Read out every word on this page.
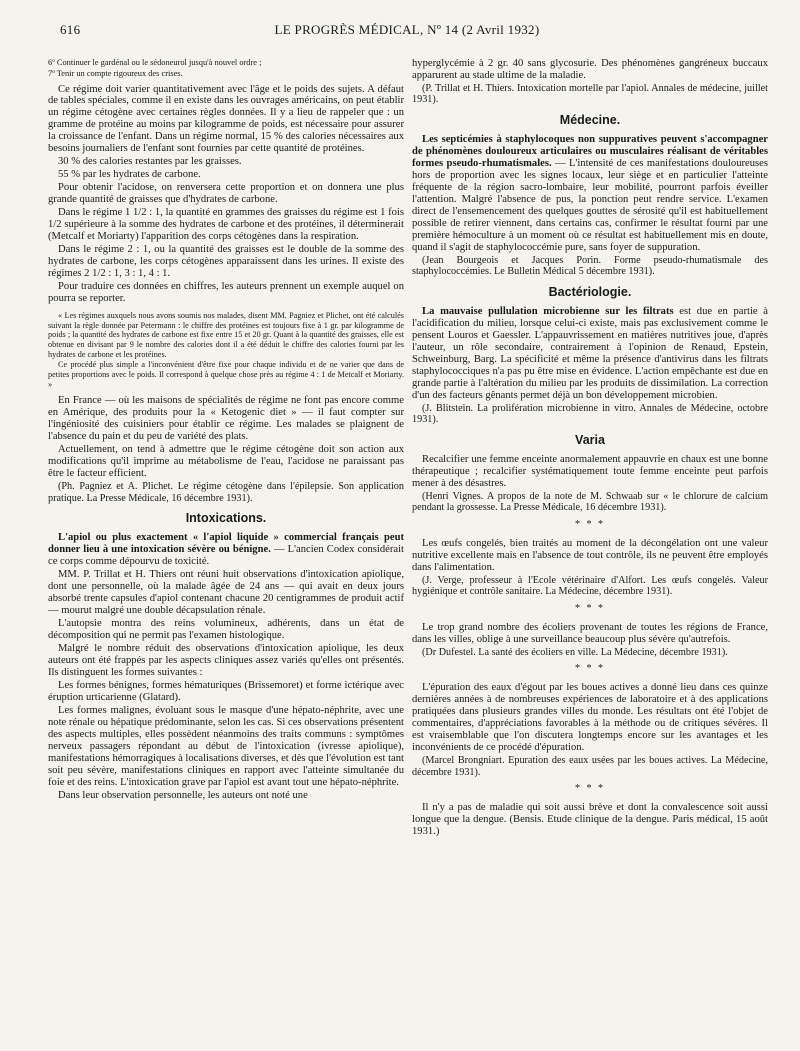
616	LE PROGRÈS MÉDICAL, Nº 14 (2 Avril 1932)

6º Continuer le gardénal ou le sédoneurol jusqu'à nouvel ordre ;

7º Tenir un compte rigoureux des crises.

Ce régime doit varier quantitativement avec l'âge et le poids des sujets. A défaut de tables spéciales, comme il en existe dans les ouvrages américains, on peut établir un régime cétogène avec certaines règles données. Il y a lieu de rappeler que : un gramme de protéine au moins par kilogramme de poids, est nécessaire pour assurer la croissance de l'enfant. Dans un régime normal, 15 % des calories nécessaires aux besoins journaliers de l'enfant sont fournies par cette quantité de protéines.

30 % des calories restantes par les graisses.

55 % par les hydrates de carbone.

Pour obtenir l'acidose, on renversera cette proportion et on donnera une plus grande quantité de graisses que d'hydrates de carbone.

Dans le régime 1 1/2 : 1, la quantité en grammes des graisses du régime est 1 fois 1/2 supérieure à la somme des hydrates de carbone et des protéines, il déterminerait (Metcalf et Moriarty) l'apparition des corps cétogènes dans la respiration.

Dans le régime 2 : 1, ou la quantité des graisses est le double de la somme des hydrates de carbone, les corps cétogènes apparaissent dans les urines. Il existe des régimes 2 1/2 : 1, 3 : 1, 4 : 1.

Pour traduire ces données en chiffres, les auteurs prennent un exemple auquel on pourra se reporter.

« Les régimes auxquels nous avons soumis nos malades, disent MM. Pagniez et Plichet, ont été calculés suivant la règle donnée par Petermann : le chiffre des protéines est toujours fixe à 1 gr. par kilogramme de poids ; la quantité des hydrates de carbone est fixe entre 15 et 20 gr. Quant à la quantité des graisses, elle est obtenue en divisant par 9 le nombre des calories dont il a été déduit le chiffre des calories fourni par les hydrates de carbone et les protéines.

Ce procédé plus simple a l'inconvénient d'être fixe pour chaque individu et de ne varier que dans de petites proportions avec le poids. Il correspond à quelque chose près au régime 4 : 1 de Metcalf et Moriarty. »

En France — où les maisons de spécialités de régime ne font pas encore comme en Amérique, des produits pour la « Ketogenic diet » — il faut compter sur l'ingéniosité des cuisiniers pour établir ce régime. Les malades se plaignent de l'absence du pain et du peu de variété des plats.

Actuellement, on tend à admettre que le régime cétogène doit son action aux modifications qu'il imprime au métabolisme de l'eau, l'acidose ne paraissant pas être le facteur efficient.

(Ph. Pagniez et A. Plichet. Le régime cétogène dans l'épilepsie. Son application pratique. La Presse Médicale, 16 décembre 1931).

Intoxications.

L'apiol ou plus exactement « l'apiol liquide » commercial français peut donner lieu à une intoxication sévère ou bénigne. — L'ancien Codex considérait ce corps comme dépourvu de toxicité.

MM. P. Trillat et H. Thiers ont réuni huit observations d'intoxication apiolique, dont une personnelle, où la malade âgée de 24 ans — qui avait en deux jours absorbé trente capsules d'apiol contenant chacune 20 centigrammes de produit actif — mourut malgré une double décapsulation rénale.

L'autopsie montra des reins volumineux, adhérents, dans un état de décomposition qui ne permit pas l'examen histologique.

Malgré le nombre réduit des observations d'intoxication apiolique, les deux auteurs ont été frappés par les aspects cliniques assez variés qu'elles ont présentés. Ils distinguent les formes suivantes :

Les formes bénignes, formes hématuriques (Brissemoret) et forme ictérique avec éruption urticarienne (Glatard).

Les formes malignes, évoluant sous le masque d'une hépato-néphrite, avec une note rénale ou hépatique prédominante, selon les cas. Si ces observations présentent des aspects multiples, elles possèdent néanmoins des traits communs : symptômes nerveux passagers répondant au début de l'intoxication (ivresse apiolique), manifestations hémorragiques à localisations diverses, et dès que l'évolution est tant soit peu sévère, manifestations cliniques en rapport avec l'atteinte simultanée du foie et des reins. L'intoxication grave par l'apiol est avant tout une hépato-néphrite.

Dans leur observation personnelle, les auteurs ont noté une

hyperglycémie à 2 gr. 40 sans glycosurie. Des phénomènes gangréneux buccaux apparurent au stade ultime de la maladie.

(P. Trillat et H. Thiers. Intoxication mortelle par l'apiol. Annales de médecine, juillet 1931).

Médecine.

Les septicémies à staphylocoques non suppuratives peuvent s'accompagner de phénomènes douloureux articulaires ou musculaires réalisant de véritables formes pseudo-rhumatismales. — L'intensité de ces manifestations douloureuses hors de proportion avec les signes locaux, leur siège et en particulier l'atteinte fréquente de la région sacro-lombaire, leur mobilité, pourront parfois éveiller l'attention. Malgré l'absence de pus, la ponction peut rendre service. L'examen direct de l'ensemencement des quelques gouttes de sérosité qu'il est habituellement possible de retirer viennent, dans certains cas, confirmer le résultat fourni par une première hémoculture à un moment où ce résultat est habituellement mis en doute, quand il s'agit de staphylococcémie pure, sans foyer de suppuration.

(Jean Bourgeois et Jacques Porin. Forme pseudo-rhumatismale des staphylococcémies. Le Bulletin Médical 5 décembre 1931).

Bactériologie.

La mauvaise pullulation microbienne sur les filtrats est due en partie à l'acidification du milieu, lorsque celui-ci existe, mais pas exclusivement comme le pensent Louros et Gaessler. L'appauvrissement en matières nutritives joue, d'après l'auteur, un rôle secondaire, contrairement à l'opinion de Renaud, Epstein, Schweinburg, Barg. La spécificité et même la présence d'antivirus dans les filtrats staphylococciques n'a pas pu être mise en évidence. L'action empêchante est due en grande partie à l'altération du milieu par les produits de dissimilation. La correction d'un des facteurs gênants permet déjà un bon développement microbien.

(J. Blitstein. La prolifération microbienne in vitro. Annales de Médecine, octobre 1931).

Varia

Recalcifier une femme enceinte anormalement appauvrie en chaux est une bonne thérapeutique ; recalcifier systématiquement toute femme enceinte peut parfois mener à des désastres.

(Henri Vignes. A propos de la note de M. Schwaab sur « le chlorure de calcium pendant la grossesse. La Presse Médicale, 16 décembre 1931).

* * *

Les œufs congelés, bien traités au moment de la décongélation ont une valeur nutritive excellente mais en l'absence de tout contrôle, ils ne peuvent être employés dans l'alimentation.

(J. Verge, professeur à l'Ecole vétérinaire d'Alfort. Les œufs congelés. Valeur hygiénique et contrôle sanitaire. La Médecine, décembre 1931).

* * *

Le trop grand nombre des écoliers provenant de toutes les régions de France, dans les villes, oblige à une surveillance beaucoup plus sévère qu'autrefois.

(Dr Dufestel. La santé des écoliers en ville. La Médecine, décembre 1931).

* * *

L'épuration des eaux d'égout par les boues actives a donné lieu dans ces quinze dernières années à de nombreuses expériences de laboratoire et à des applications pratiquées dans plusieurs grandes villes du monde. Les résultats ont été l'objet de commentaires, d'appréciations favorables à la méthode ou de critiques sévères. Il est vraisemblable que l'on discutera longtemps encore sur les avantages et les inconvénients de ce procédé d'épuration.

(Marcel Brongniart. Epuration des eaux usées par les boues actives. La Médecine, décembre 1931).

* * *

Il n'y a pas de maladie qui soit aussi brève et dont la convalescence soit aussi longue que la dengue. (Bensis. Etude clinique de la dengue. Paris médical, 15 août 1931.)
